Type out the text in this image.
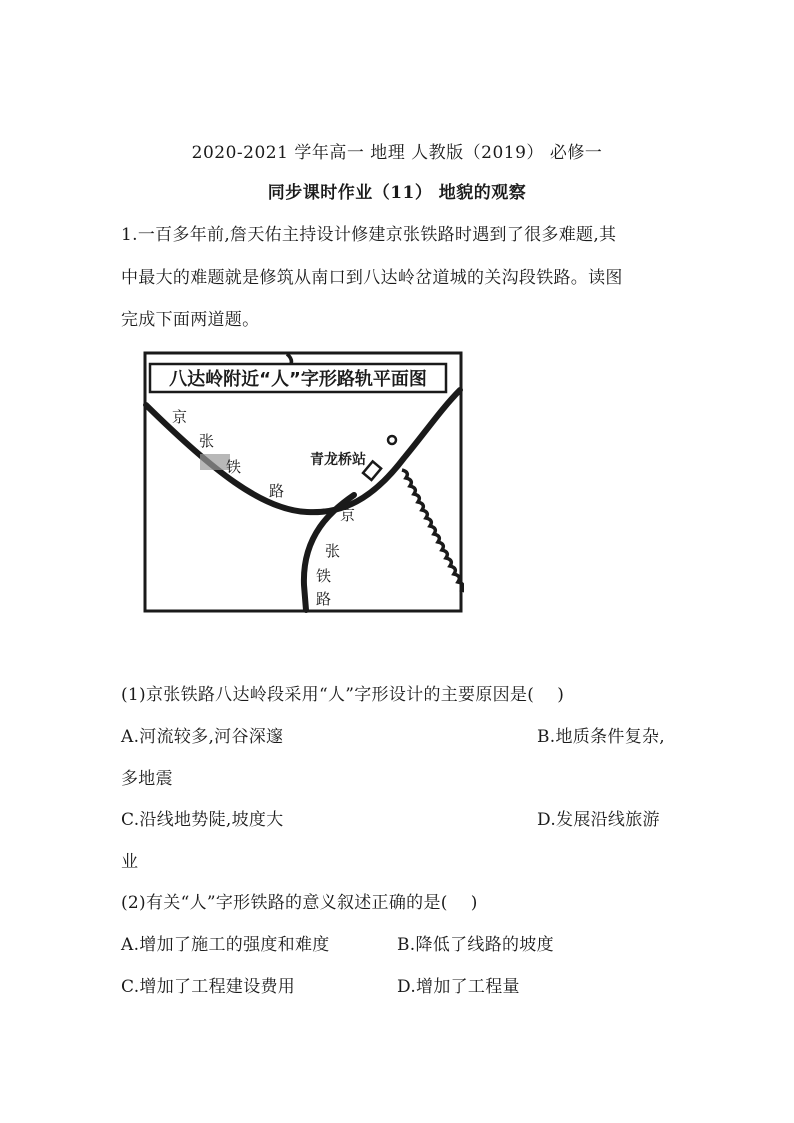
2020-2021 学年高一 地理 人教版（2019） 必修一
同步课时作业（11） 地貌的观察
1.一百多年前,詹天佑主持设计修建京张铁路时遇到了很多难题,其
中最大的难题就是修筑从南口到八达岭岔道城的关沟段铁路。读图
完成下面两道题。
八达岭附近“人”字形路轨平面图
青龙桥站
京
张
铁
路
京
张
铁
路
(1)京张铁路八达岭段采用“人”字形设计的主要原因是(　 )
A.河流较多,河谷深邃	B.地质条件复杂,
多地震
C.沿线地势陡,坡度大	D.发展沿线旅游
业
(2)有关“人”字形铁路的意义叙述正确的是(　 )
A.增加了施工的强度和难度	B.降低了线路的坡度
C.增加了工程建设费用	D.增加了工程量
